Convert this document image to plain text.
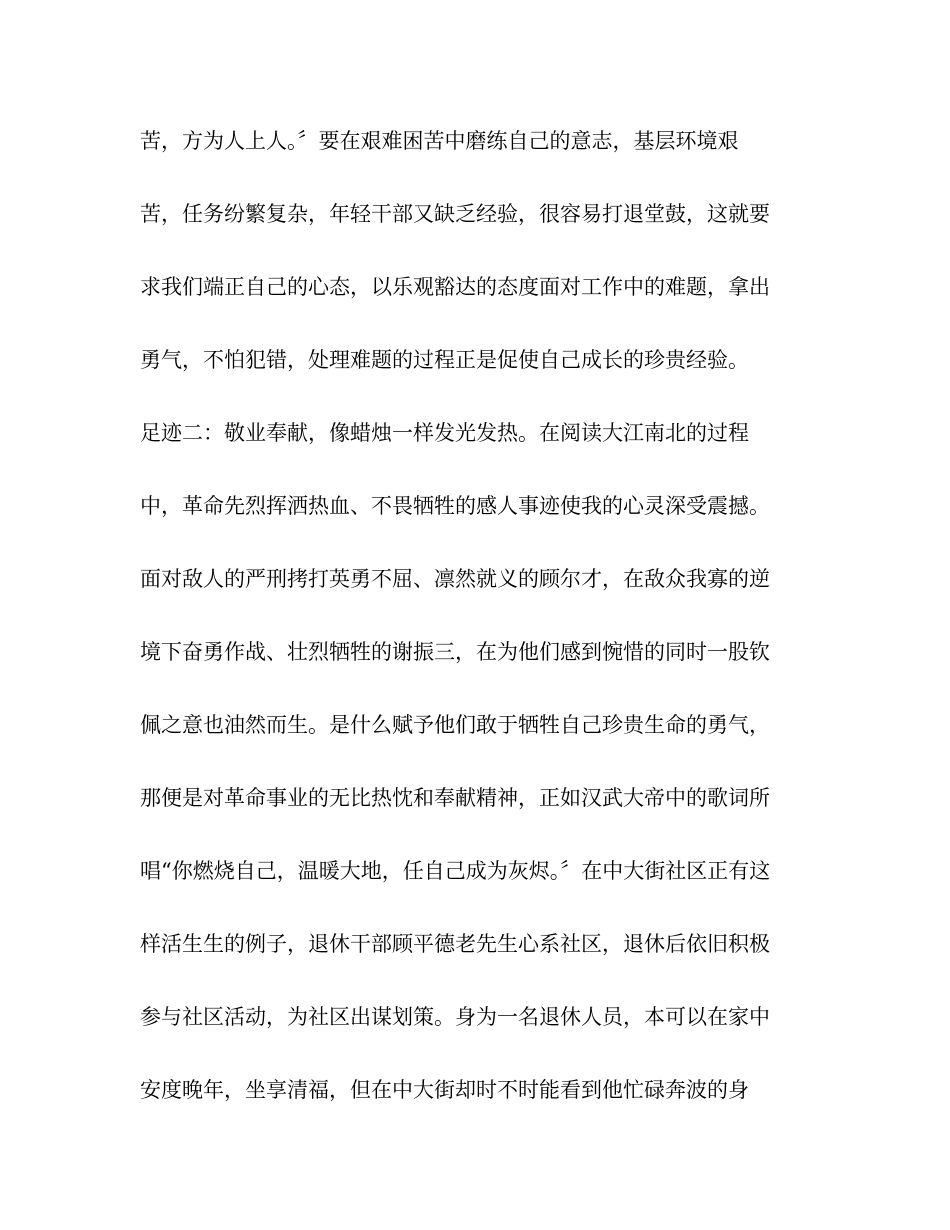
苦，方为人上人。〞要在艰难困苦中磨练自己的意志，基层环境艰
苦，任务纷繁复杂，年轻干部又缺乏经验，很容易打退堂鼓，这就要
求我们端正自己的心态，以乐观豁达的态度面对工作中的难题，拿出
勇气，不怕犯错，处理难题的过程正是促使自己成长的珍贵经验。
足迹二：敬业奉献，像蜡烛一样发光发热。在阅读大江南北的过程
中，革命先烈挥洒热血、不畏牺牲的感人事迹使我的心灵深受震撼。
面对敌人的严刑拷打英勇不屈、凛然就义的顾尔才，在敌众我寡的逆
境下奋勇作战、壮烈牺牲的谢振三，在为他们感到惋惜的同时一股钦
佩之意也油然而生。是什么赋予他们敢于牺牲自己珍贵生命的勇气，
那便是对革命事业的无比热忱和奉献精神，正如汉武大帝中的歌词所
唱“你燃烧自己，温暖大地，任自己成为灰烬。〞在中大街社区正有这
样活生生的例子，退休干部顾平德老先生心系社区，退休后依旧积极
参与社区活动，为社区出谋划策。身为一名退休人员，本可以在家中
安度晚年，坐享清福，但在中大街却时不时能看到他忙碌奔波的身
